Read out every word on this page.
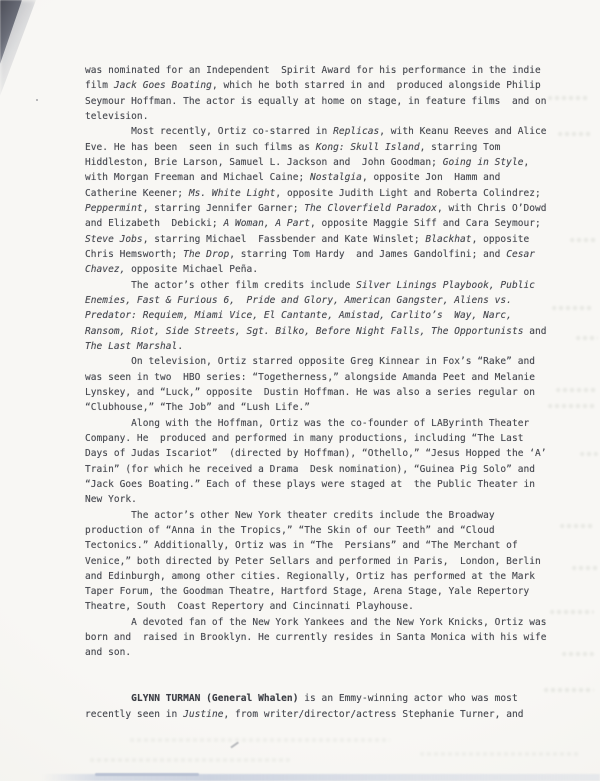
was nominated for an Independent  Spirit Award for his performance in the indie
film Jack Goes Boating, which he both starred in and  produced alongside Philip
Seymour Hoffman. The actor is equally at home on stage, in feature films  and on
television.
Most recently, Ortiz co-starred in Replicas, with Keanu Reeves and Alice
Eve. He has been  seen in such films as Kong: Skull Island, starring Tom
Hiddleston, Brie Larson, Samuel L. Jackson and  John Goodman; Going in Style,
with Morgan Freeman and Michael Caine; Nostalgia, opposite Jon  Hamm and
Catherine Keener; Ms. White Light, opposite Judith Light and Roberta Colindrez;
Peppermint, starring Jennifer Garner; The Cloverfield Paradox, with Chris O’Dowd
and Elizabeth  Debicki; A Woman, A Part, opposite Maggie Siff and Cara Seymour;
Steve Jobs, starring Michael  Fassbender and Kate Winslet; Blackhat, opposite
Chris Hemsworth; The Drop, starring Tom Hardy  and James Gandolfini; and Cesar
Chavez, opposite Michael Peña.
The actor’s other film credits include Silver Linings Playbook, Public
Enemies, Fast & Furious 6,  Pride and Glory, American Gangster, Aliens vs.
Predator: Requiem, Miami Vice, El Cantante, Amistad, Carlito’s  Way, Narc,
Ransom, Riot, Side Streets, Sgt. Bilko, Before Night Falls, The Opportunists and
The Last Marshal.
On television, Ortiz starred opposite Greg Kinnear in Fox’s “Rake” and
was seen in two  HBO series: “Togetherness,” alongside Amanda Peet and Melanie
Lynskey, and “Luck,” opposite  Dustin Hoffman. He was also a series regular on
“Clubhouse,” “The Job” and “Lush Life.”
Along with the Hoffman, Ortiz was the co-founder of LAByrinth Theater
Company. He  produced and performed in many productions, including “The Last
Days of Judas Iscariot”  (directed by Hoffman), “Othello,” “Jesus Hopped the ‘A’
Train” (for which he received a Drama  Desk nomination), “Guinea Pig Solo” and
“Jack Goes Boating.” Each of these plays were staged at  the Public Theater in
New York.
The actor’s other New York theater credits include the Broadway
production of “Anna in the Tropics,” “The Skin of our Teeth” and “Cloud
Tectonics.” Additionally, Ortiz was in “The  Persians” and “The Merchant of
Venice,” both directed by Peter Sellars and performed in Paris,  London, Berlin
and Edinburgh, among other cities. Regionally, Ortiz has performed at the Mark
Taper Forum, the Goodman Theatre, Hartford Stage, Arena Stage, Yale Repertory
Theatre, South  Coast Repertory and Cincinnati Playhouse.
A devoted fan of the New York Yankees and the New York Knicks, Ortiz was
born and  raised in Brooklyn. He currently resides in Santa Monica with his wife
and son.

GLYNN TURMAN (General Whalen) is an Emmy-winning actor who was most
recently seen in Justine, from writer/director/actress Stephanie Turner, and
